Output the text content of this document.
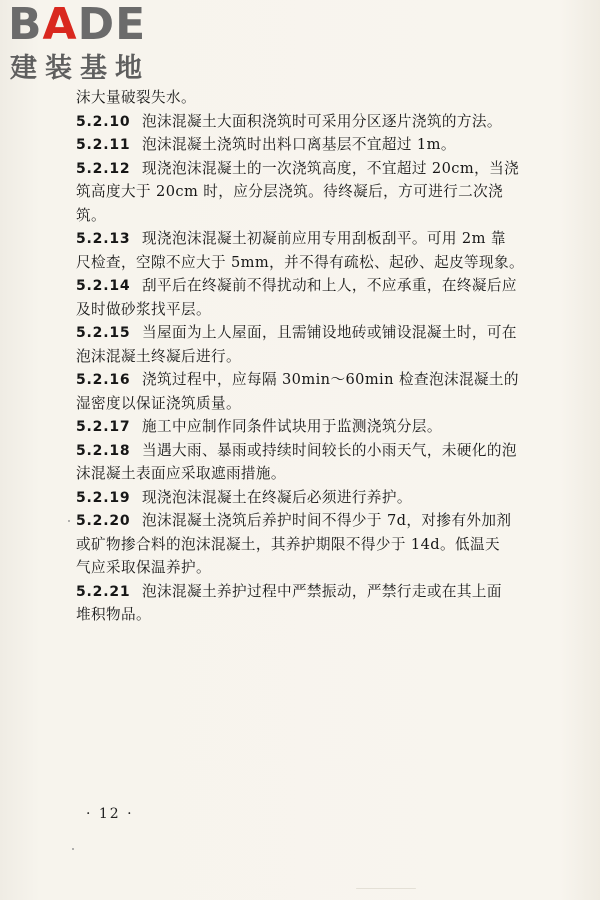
BADE
建装基地
沫大量破裂失水。
5.2.10 泡沫混凝土大面积浇筑时可采用分区逐片浇筑的方法。
5.2.11 泡沫混凝土浇筑时出料口离基层不宜超过 1m。
5.2.12 现浇泡沫混凝土的一次浇筑高度，不宜超过 20cm，当浇
筑高度大于 20cm 时，应分层浇筑。待终凝后，方可进行二次浇
筑。
5.2.13 现浇泡沫混凝土初凝前应用专用刮板刮平。可用 2m 靠
尺检查，空隙不应大于 5mm，并不得有疏松、起砂、起皮等现象。
5.2.14 刮平后在终凝前不得扰动和上人，不应承重，在终凝后应
及时做砂浆找平层。
5.2.15 当屋面为上人屋面，且需铺设地砖或铺设混凝土时，可在
泡沫混凝土终凝后进行。
5.2.16 浇筑过程中，应每隔 30min～60min 检查泡沫混凝土的
湿密度以保证浇筑质量。
5.2.17 施工中应制作同条件试块用于监测浇筑分层。
5.2.18 当遇大雨、暴雨或持续时间较长的小雨天气，未硬化的泡
沫混凝土表面应采取遮雨措施。
5.2.19 现浇泡沫混凝土在终凝后必须进行养护。
5.2.20 泡沫混凝土浇筑后养护时间不得少于 7d，对掺有外加剂
或矿物掺合料的泡沫混凝土，其养护期限不得少于 14d。低温天
气应采取保温养护。
5.2.21 泡沫混凝土养护过程中严禁振动，严禁行走或在其上面
堆积物品。
· 12 ·
